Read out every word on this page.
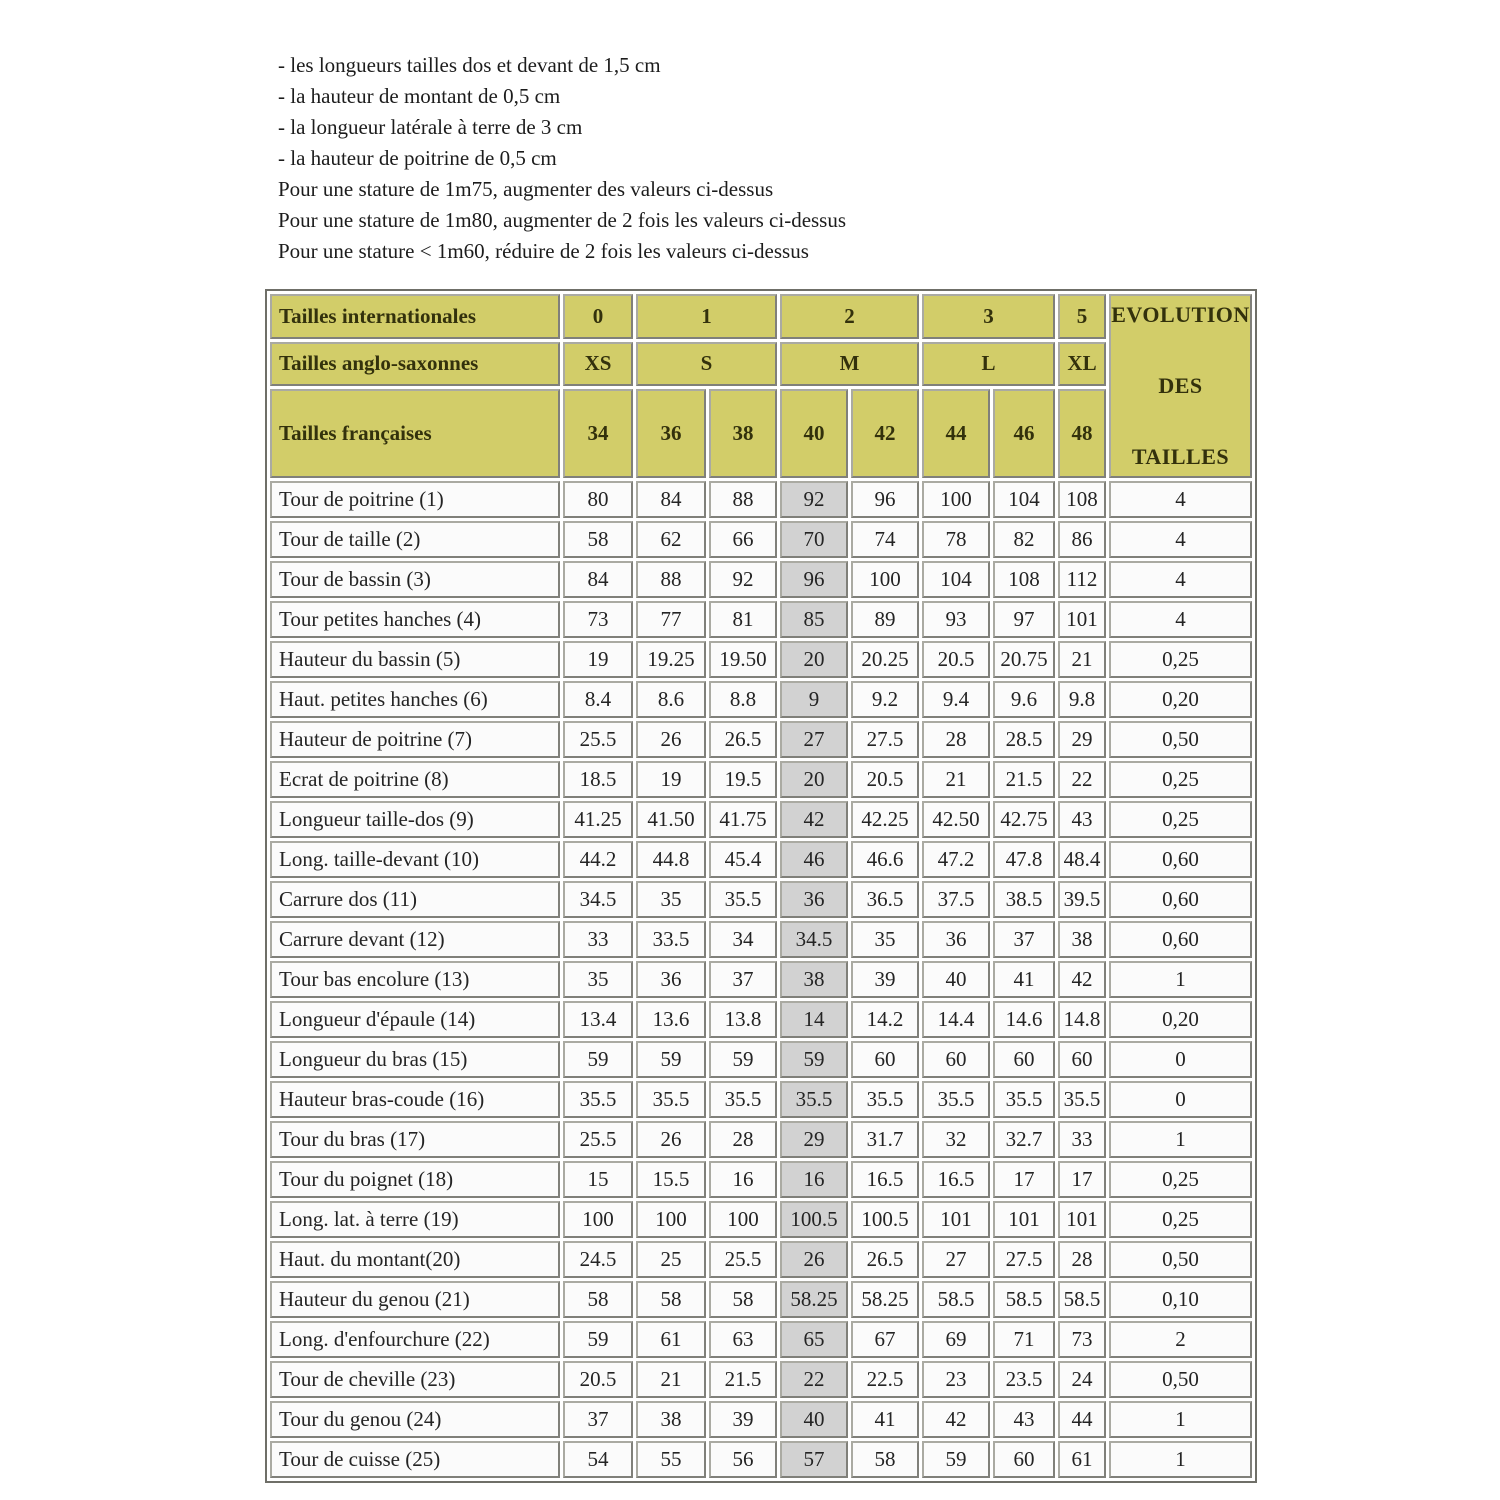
- les longueurs tailles dos et devant de 1,5 cm
- la hauteur de montant de 0,5 cm
- la longueur latérale à terre de 3 cm
- la hauteur de poitrine de 0,5 cm
Pour une stature de 1m75, augmenter des valeurs ci-dessus
Pour une stature de 1m80, augmenter de 2 fois les valeurs ci-dessus
Pour une stature < 1m60, réduire de 2 fois les valeurs ci-dessus
Tailles internationales	0	1		2		3		5	EVOLUTION
DES
TAILLES

Tailles anglo-saxonnes	XS	S		M		L		XL	
Tailles françaises	34	36	38	40	42	44	46	48	
Tour de poitrine (1)	80	84	88	92	96	100	104	108	4
Tour de taille (2)	58	62	66	70	74	78	82	86	4
Tour de bassin (3)	84	88	92	96	100	104	108	112	4
Tour petites hanches (4)	73	77	81	85	89	93	97	101	4
Hauteur du bassin (5)	19	19.25	19.50	20	20.25	20.5	20.75	21	0,25
Haut. petites hanches (6)	8.4	8.6	8.8	9	9.2	9.4	9.6	9.8	0,20
Hauteur de poitrine (7)	25.5	26	26.5	27	27.5	28	28.5	29	0,50
Ecrat de poitrine (8)	18.5	19	19.5	20	20.5	21	21.5	22	0,25
Longueur taille-dos (9)	41.25	41.50	41.75	42	42.25	42.50	42.75	43	0,25
Long. taille-devant (10)	44.2	44.8	45.4	46	46.6	47.2	47.8	48.4	0,60
Carrure dos (11)	34.5	35	35.5	36	36.5	37.5	38.5	39.5	0,60
Carrure devant (12)	33	33.5	34	34.5	35	36	37	38	0,60
Tour bas encolure (13)	35	36	37	38	39	40	41	42	1
Longueur d'épaule (14)	13.4	13.6	13.8	14	14.2	14.4	14.6	14.8	0,20
Longueur du bras (15)	59	59	59	59	60	60	60	60	0
Hauteur bras-coude (16)	35.5	35.5	35.5	35.5	35.5	35.5	35.5	35.5	0
Tour du bras (17)	25.5	26	28	29	31.7	32	32.7	33	1
Tour du poignet (18)	15	15.5	16	16	16.5	16.5	17	17	0,25
Long. lat. à terre (19)	100	100	100	100.5	100.5	101	101	101	0,25
Haut. du montant(20)	24.5	25	25.5	26	26.5	27	27.5	28	0,50
Hauteur du genou (21)	58	58	58	58.25	58.25	58.5	58.5	58.5	0,10
Long. d'enfourchure (22)	59	61	63	65	67	69	71	73	2
Tour de cheville (23)	20.5	21	21.5	22	22.5	23	23.5	24	0,50
Tour du genou (24)	37	38	39	40	41	42	43	44	1
Tour de cuisse (25)	54	55	56	57	58	59	60	61	1
